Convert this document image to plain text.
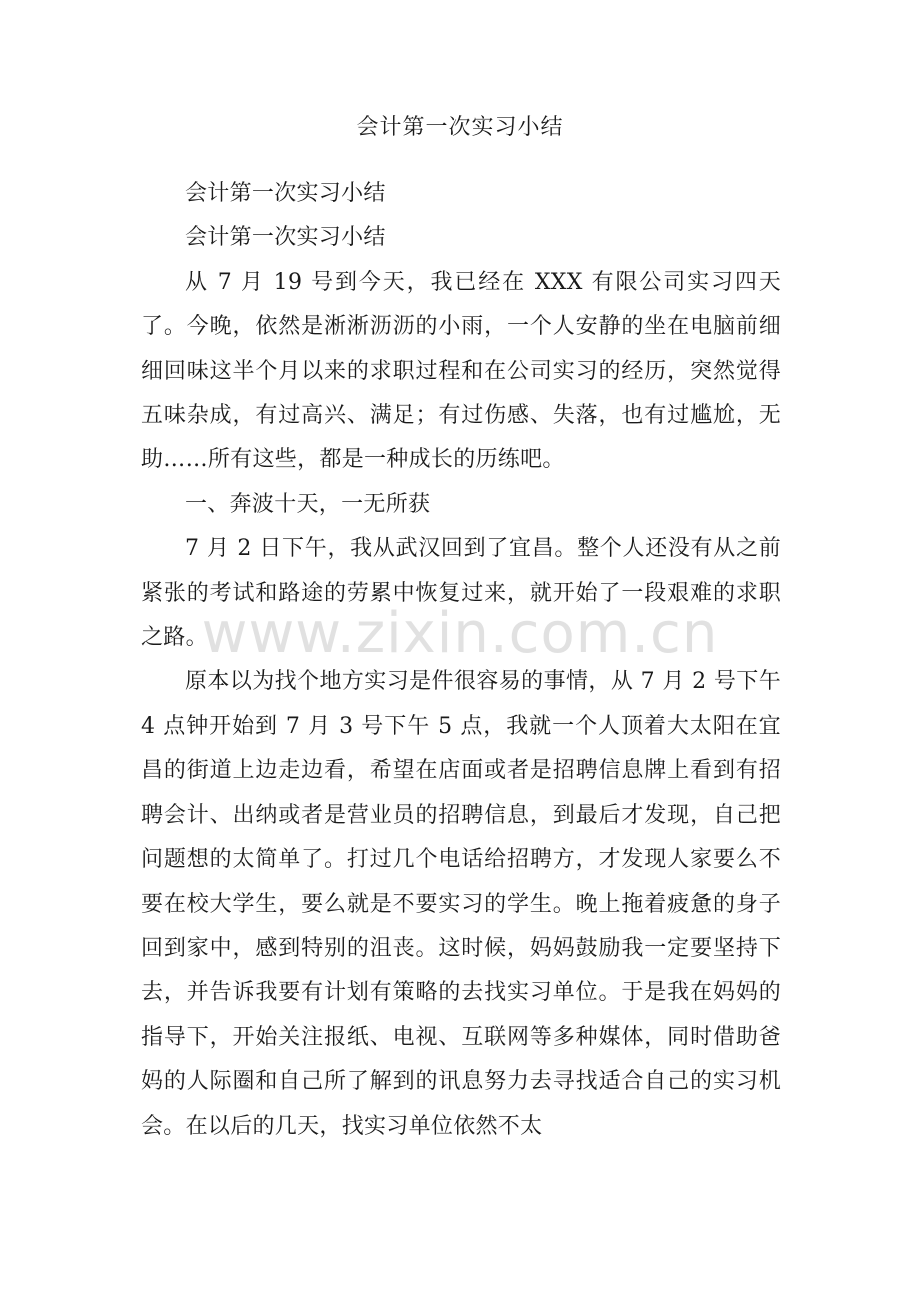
会计第一次实习小结

会计第一次实习小结

会计第一次实习小结

从 7 月 19 号到今天，我已经在 XXX 有限公司实习四天了。今晚，依然是淅淅沥沥的小雨，一个人安静的坐在电脑前细细回味这半个月以来的求职过程和在公司实习的经历，突然觉得五味杂成，有过高兴、满足；有过伤感、失落，也有过尴尬，无助……所有这些，都是一种成长的历练吧。

一、奔波十天，一无所获

7 月 2 日下午，我从武汉回到了宜昌。整个人还没有从之前紧张的考试和路途的劳累中恢复过来，就开始了一段艰难的求职之路。

原本以为找个地方实习是件很容易的事情，从 7 月 2 号下午 4 点钟开始到 7 月 3 号下午 5 点，我就一个人顶着大太阳在宜昌的街道上边走边看，希望在店面或者是招聘信息牌上看到有招聘会计、出纳或者是营业员的招聘信息，到最后才发现，自己把问题想的太简单了。打过几个电话给招聘方，才发现人家要么不要在校大学生，要么就是不要实习的学生。晚上拖着疲惫的身子回到家中，感到特别的沮丧。这时候，妈妈鼓励我一定要坚持下去，并告诉我要有计划有策略的去找实习单位。于是我在妈妈的指导下，开始关注报纸、电视、互联网等多种媒体，同时借助爸妈的人际圈和自己所了解到的讯息努力去寻找适合自己的实习机会。在以后的几天，找实习单位依然不太

www.zixin.com.cn
